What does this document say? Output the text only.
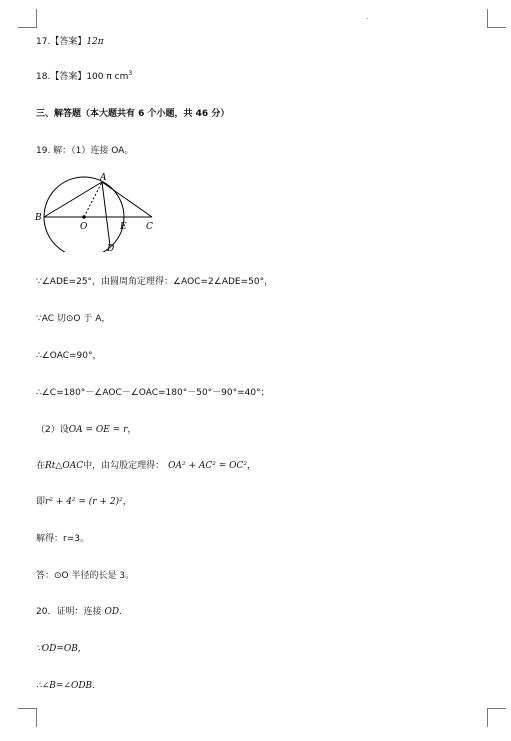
17.【答案】12π
18.【答案】100 π $cm^3$
三、解答题（本大题共有 6 个小题，共 46 分）
19. 解：（1）连接 OA。
A
B
O	E C
D
∵∠ADE=25°，由圆周角定理得：∠AOC=2∠ADE=50°，
∵AC 切⊙O 于 A，
∴∠OAC=90°，
∴∠C=180°－∠AOC－∠OAC=180°－50°－90°=40°；
（2）设OA = OE = r，
在Rt△OAC中，由勾股定理得： OA² + AC² = OC²，
即r² + 4² = (r + 2)²，
解得：r=3。
答：⊙O 半径的长是 3。
20．证明：连接 OD.
∵OD=OB,
∴∠B=∠ODB.
